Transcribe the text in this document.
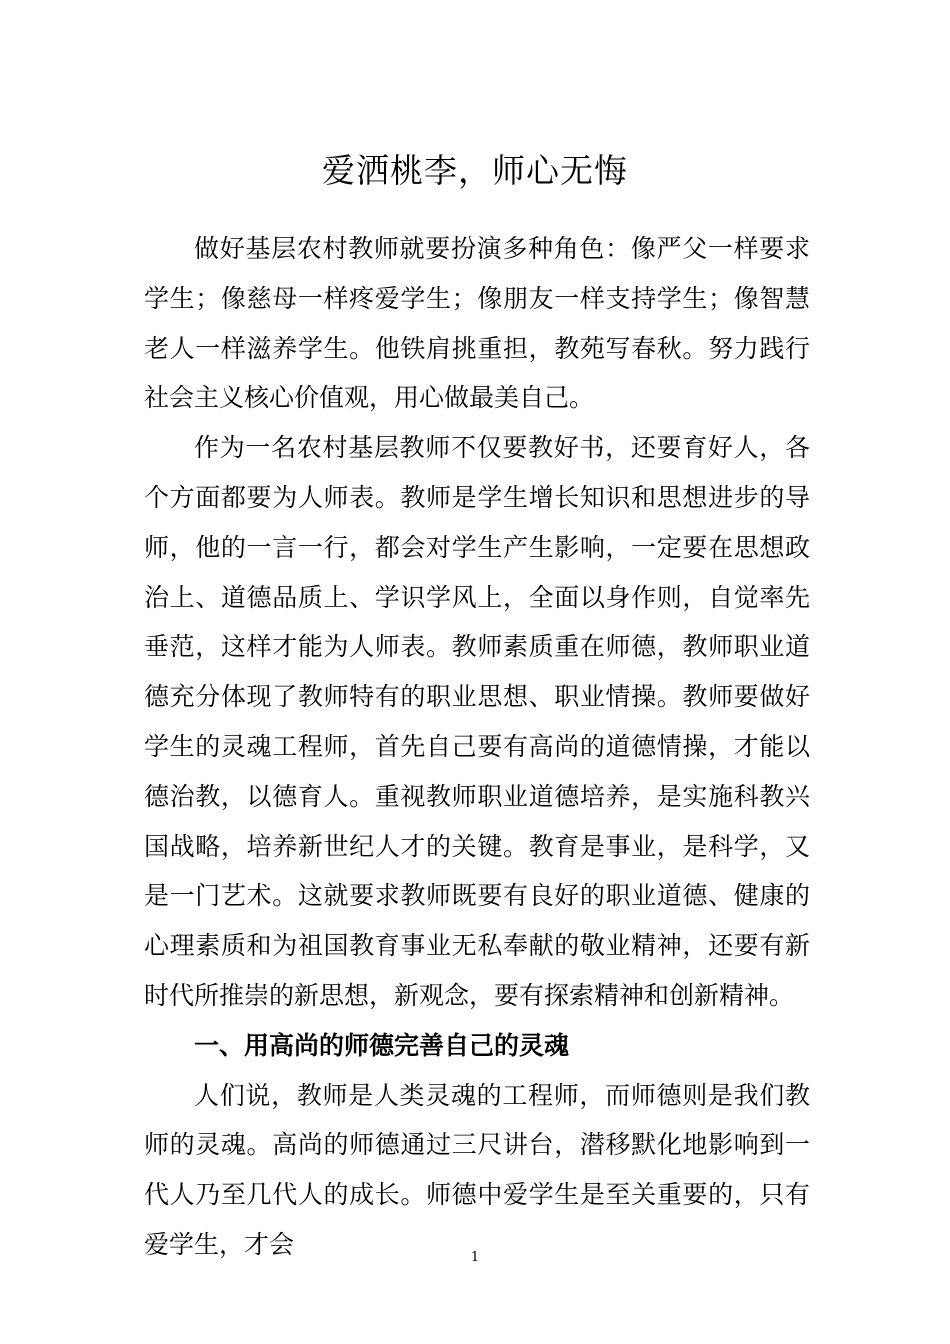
爱洒桃李，师心无悔

做好基层农村教师就要扮演多种角色：像严父一样要求学生；像慈母一样疼爱学生；像朋友一样支持学生；像智慧老人一样滋养学生。他铁肩挑重担，教苑写春秋。努力践行社会主义核心价值观，用心做最美自己。

作为一名农村基层教师不仅要教好书，还要育好人，各个方面都要为人师表。教师是学生增长知识和思想进步的导师，他的一言一行，都会对学生产生影响，一定要在思想政治上、道德品质上、学识学风上，全面以身作则，自觉率先垂范，这样才能为人师表。教师素质重在师德，教师职业道德充分体现了教师特有的职业思想、职业情操。教师要做好学生的灵魂工程师，首先自己要有高尚的道德情操，才能以德治教，以德育人。重视教师职业道德培养，是实施科教兴国战略，培养新世纪人才的关键。教育是事业，是科学，又是一门艺术。这就要求教师既要有良好的职业道德、健康的心理素质和为祖国教育事业无私奉献的敬业精神，还要有新时代所推崇的新思想，新观念，要有探索精神和创新精神。

一、用高尚的师德完善自己的灵魂

人们说，教师是人类灵魂的工程师，而师德则是我们教师的灵魂。高尚的师德通过三尺讲台，潜移默化地影响到一代人乃至几代人的成长。师德中爱学生是至关重要的，只有爱学生，才会	1
